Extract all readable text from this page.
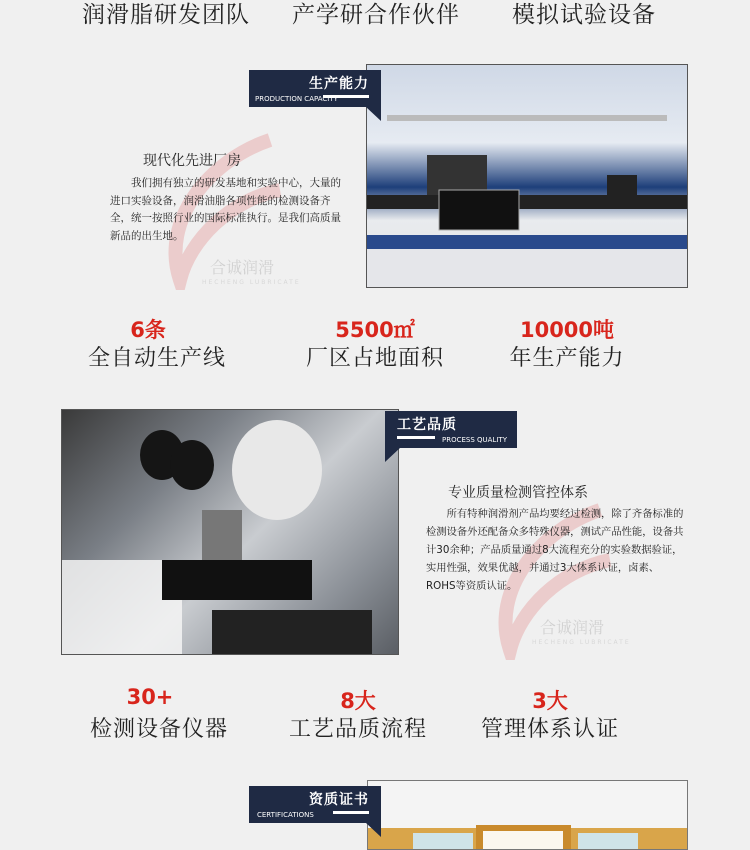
润滑脂研发团队 产学研合作伙伴 模拟试验设备
合诚润滑
HECHENG LUBRICATE
生产能力
PRODUCTION CAPACITY
现代化先进厂房
我们拥有独立的研发基地和实验中心，大量的进口实验设备，润滑油脂各项性能的检测设备齐全，统一按照行业的国际标准执行。是我们高质量新品的出生地。
6条	5500㎡	10000吨
全自动生产线	厂区占地面积	年生产能力
合诚润滑
HECHENG LUBRICATE
工艺品质
PROCESS QUALITY
专业质量检测管控体系
所有特种润滑剂产品均要经过检测，除了齐备标准的检测设备外还配备众多特殊仪器，测试产品性能，设备共计30余种；产品质量通过8大流程充分的实验数据验证，实用性强，效果优越，并通过3大体系认证，卤素、ROHS等资质认证。
30+	8大	3大
检测设备仪器	工艺品质流程	管理体系认证
资质证书
CERTIFICATIONS
